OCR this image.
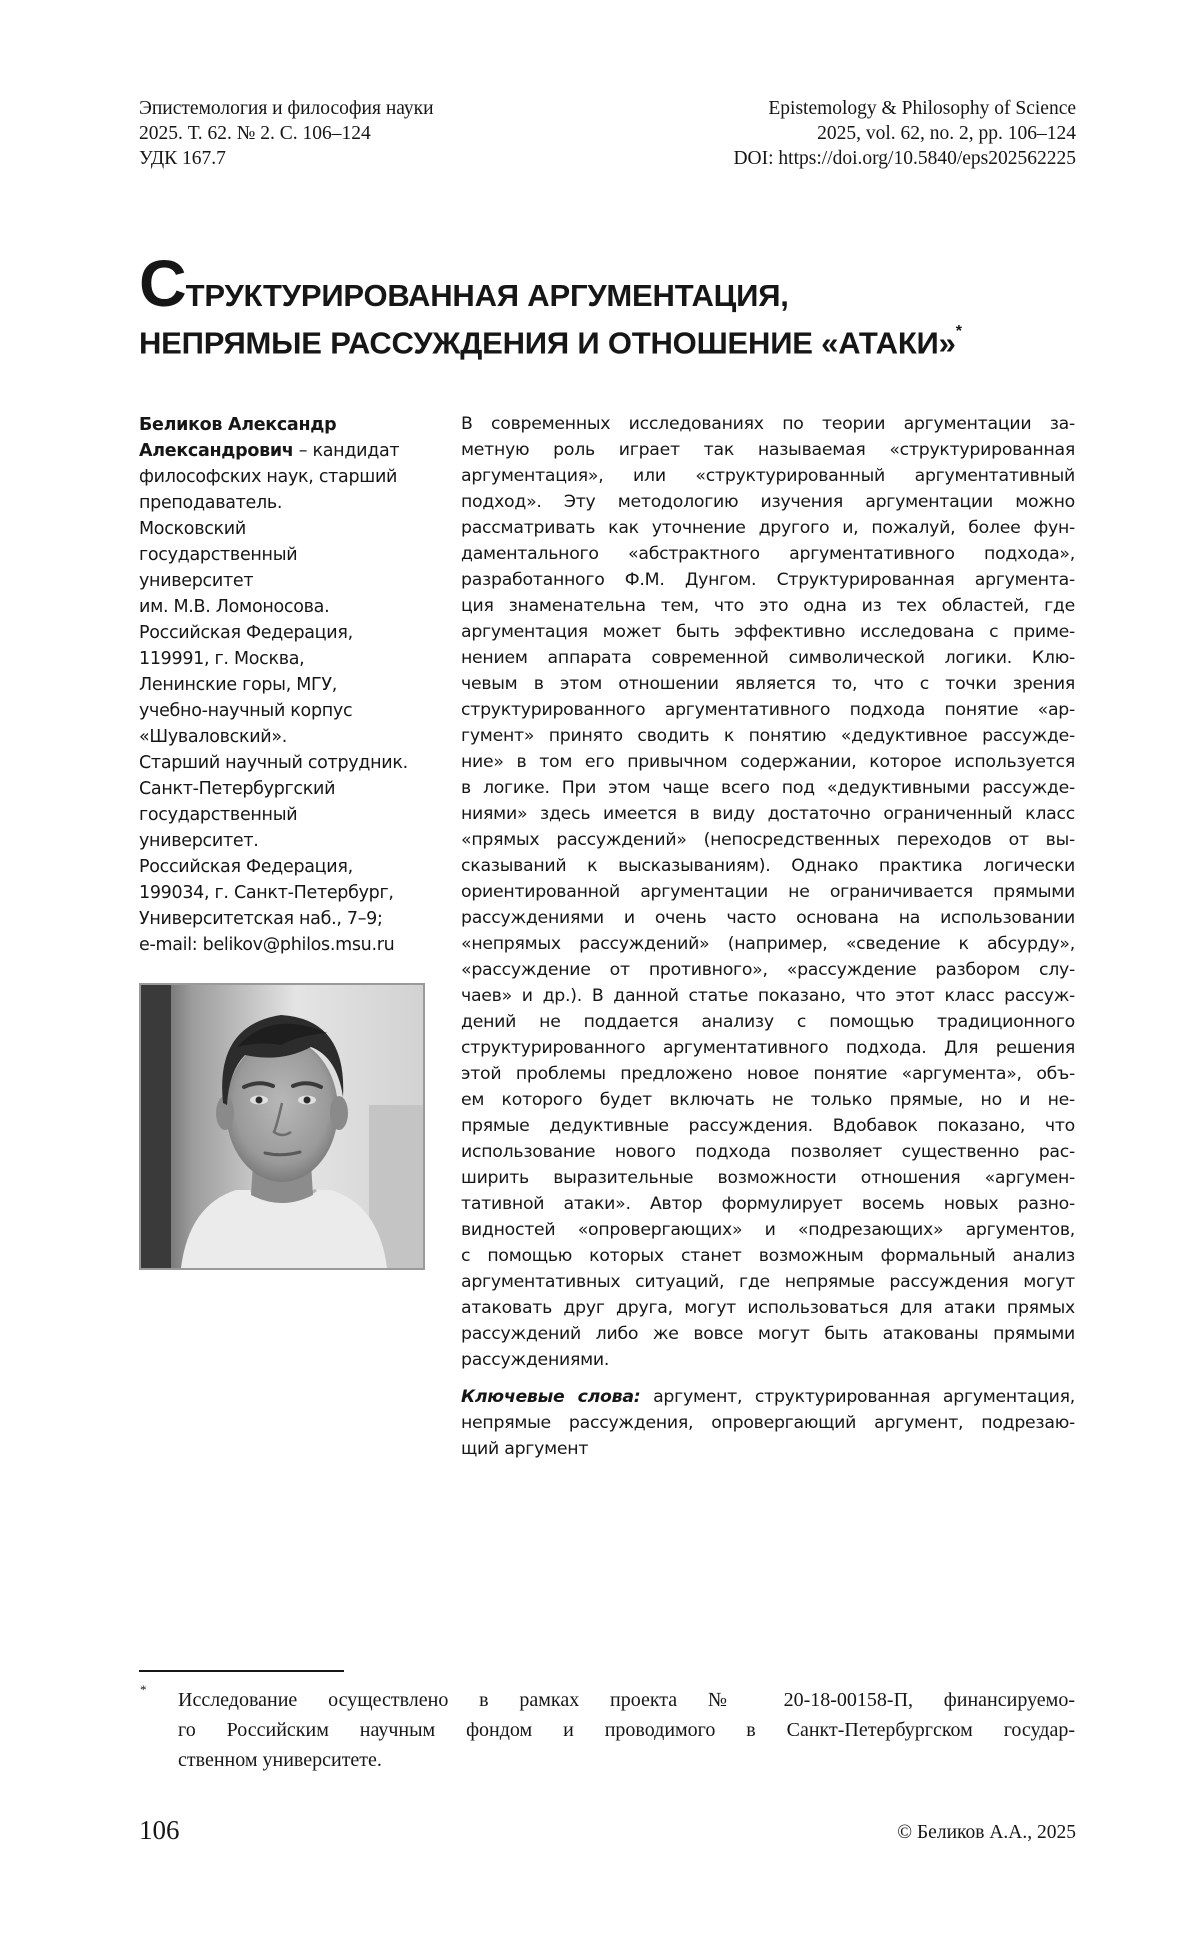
Эпистемология и философия науки
2025. Т. 62. № 2. С. 106–124
УДК 167.7
Epistemology & Philosophy of Science
2025, vol. 62, no. 2, pp. 106–124
DOI: https://doi.org/10.5840/eps202562225
С ТРУКТУРИРОВАННАЯ АРГУМЕНТАЦИЯ,
НЕПРЯМЫЕ РАССУЖДЕНИЯ И ОТНОШЕНИЕ «АТАКИ»*
Беликов Александр
Александрович – кандидат
философских наук, старший
преподаватель.
Московский
государственный
университет
им. М.В. Ломоносова.
Российская Федерация,
119991, г. Москва,
Ленинские горы, МГУ,
учебно-научный корпус
«Шуваловский».
Старший научный сотрудник.
Санкт-Петербургский
государственный
университет.
Российская Федерация,
199034, г. Санкт-Петербург,
Университетская наб., 7–9;
e-mail: belikov@philos.msu.ru
В современных исследованиях по теории аргументации за-
метную роль играет так называемая «структурированная
аргументация», или «структурированный аргументативный
подход». Эту методологию изучения аргументации можно
рассматривать как уточнение другого и, пожалуй, более фун-
даментального «абстрактного аргументативного подхода»,
разработанного Ф.М. Дунгом. Структурированная аргумента-
ция знаменательна тем, что это одна из тех областей, где
аргументация может быть эффективно исследована с приме-
нением аппарата современной символической логики. Клю-
чевым в этом отношении является то, что с точки зрения
структурированного аргументативного подхода понятие «ар-
гумент» принято сводить к понятию «дедуктивное рассужде-
ние» в том его привычном содержании, которое используется
в логике. При этом чаще всего под «дедуктивными рассужде-
ниями» здесь имеется в виду достаточно ограниченный класс
«прямых рассуждений» (непосредственных переходов от вы-
сказываний к высказываниям). Однако практика логически
ориентированной аргументации не ограничивается прямыми
рассуждениями и очень часто основана на использовании
«непрямых рассуждений» (например, «сведение к абсурду»,
«рассуждение от противного», «рассуждение разбором слу-
чаев» и др.). В данной статье показано, что этот класс рассуж-
дений не поддается анализу с помощью традиционного
структурированного аргументативного подхода. Для решения
этой проблемы предложено новое понятие «аргумента», объ-
ем которого будет включать не только прямые, но и не-
прямые дедуктивные рассуждения. Вдобавок показано, что
использование нового подхода позволяет существенно рас-
ширить выразительные возможности отношения «аргумен-
тативной атаки». Автор формулирует восемь новых разно-
видностей «опровергающих» и «подрезающих» аргументов,
с помощью которых станет возможным формальный анализ
аргументативных ситуаций, где непрямые рассуждения могут
атаковать друг друга, могут использоваться для атаки прямых
рассуждений либо же вовсе могут быть атакованы прямыми
рассуждениями.
Ключевые слова: аргумент, структурированная аргументация,
непрямые рассуждения, опровергающий аргумент, подрезаю-
щий аргумент
* Исследование осуществлено в рамках проекта № 20-18-00158-П, финансируемо-
го Российским научным фондом и проводимого в Санкт-Петербургском государ-
ственном университете.
106	© Беликов А.А., 2025
